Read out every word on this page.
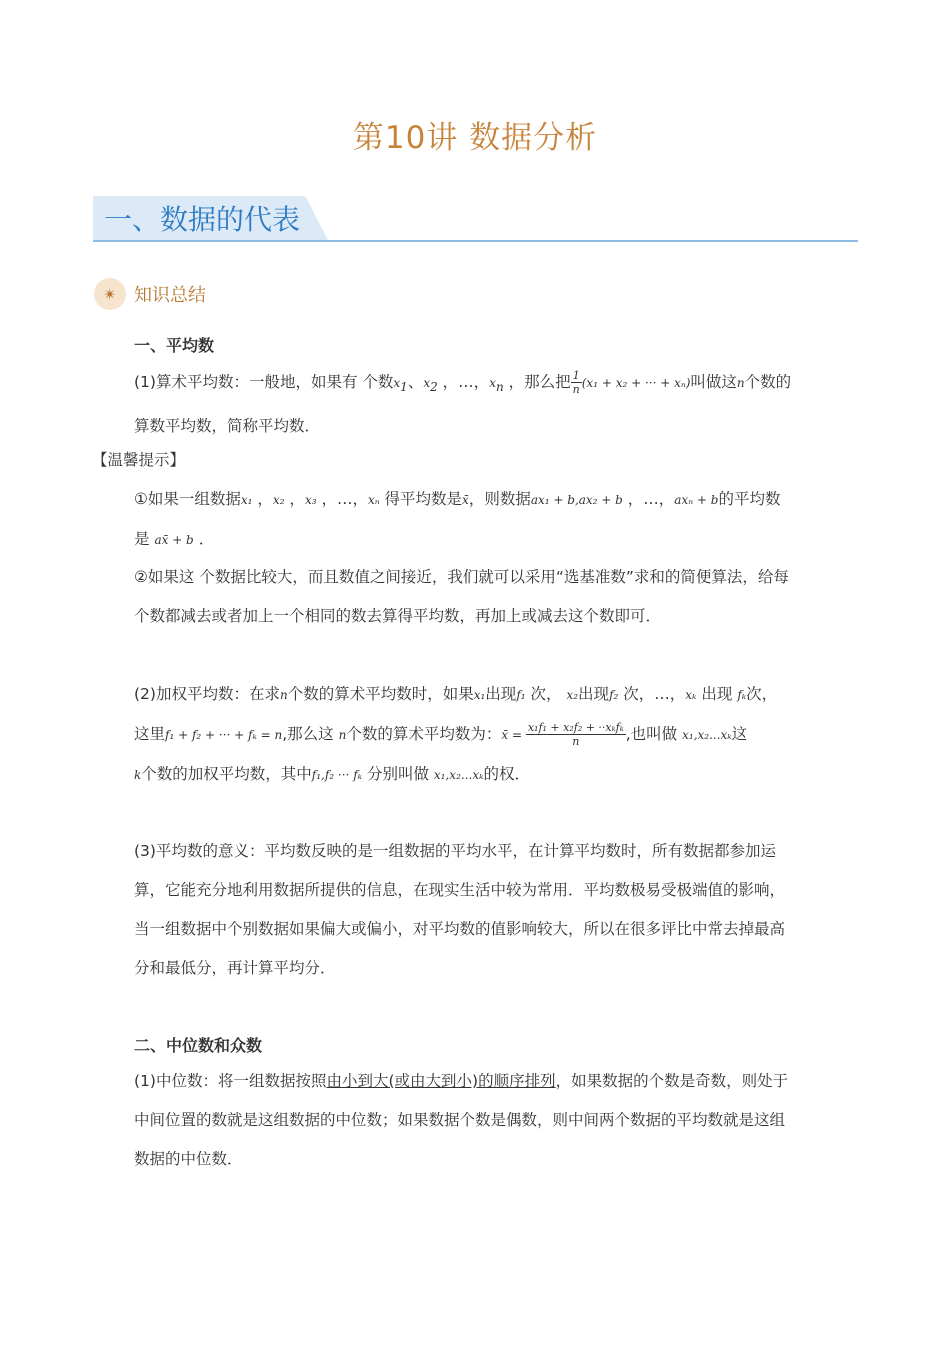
第10讲 数据分析
一、数据的代表
✴ 知识总结
一、平均数
(1)算术平均数：一般地，如果有 个数$x_1$、$x_2$ ，…，$x_n$ ，那么把 $\frac{1}{n} (x_1 + x_2$ + ··· + xₙ)叫做这n个数的
算数平均数，简称平均数．
【温馨提示】
①如果一组数据x₁ ，x₂ ，x₃ ，…，xₙ 得平均数是x̄，则数据ax₁ + b,ax₂ + b ，…，axₙ + b的平均数
是 ax̄ + b ．
②如果这 个数据比较大，而且数值之间接近，我们就可以采用“选基准数”求和的简便算法，给每
个数都减去或者加上一个相同的数去算得平均数，再加上或减去这个数即可．
(2)加权平均数：在求n个数的算术平均数时，如果x₁出现f₁ 次， x₂出现f₂ 次，…，xₖ 出现 fₖ次，
这里f₁ + f₂ + ··· + fₖ = n,那么这 n个数的算术平均数为：x̄ = $\frac{\text{x₁f₁ + x₂f₂ + ··xₖfₖ}}{n}$ ,也叫做 x₁,x₂...xₖ这
k个数的加权平均数，其中f₁,f₂ ··· fₖ 分别叫做 x₁,x₂...xₖ的权．
(3)平均数的意义：平均数反映的是一组数据的平均水平，在计算平均数时，所有数据都参加运
算，它能充分地利用数据所提供的信息，在现实生活中较为常用．平均数极易受极端值的影响，
当一组数据中个别数据如果偏大或偏小，对平均数的值影响较大，所以在很多评比中常去掉最高
分和最低分，再计算平均分．
二、中位数和众数
(1)中位数：将一组数据按照由小到大(或由大到小)的顺序排列，如果数据的个数是奇数，则处于
中间位置的数就是这组数据的中位数；如果数据个数是偶数，则中间两个数据的平均数就是这组
数据的中位数．
